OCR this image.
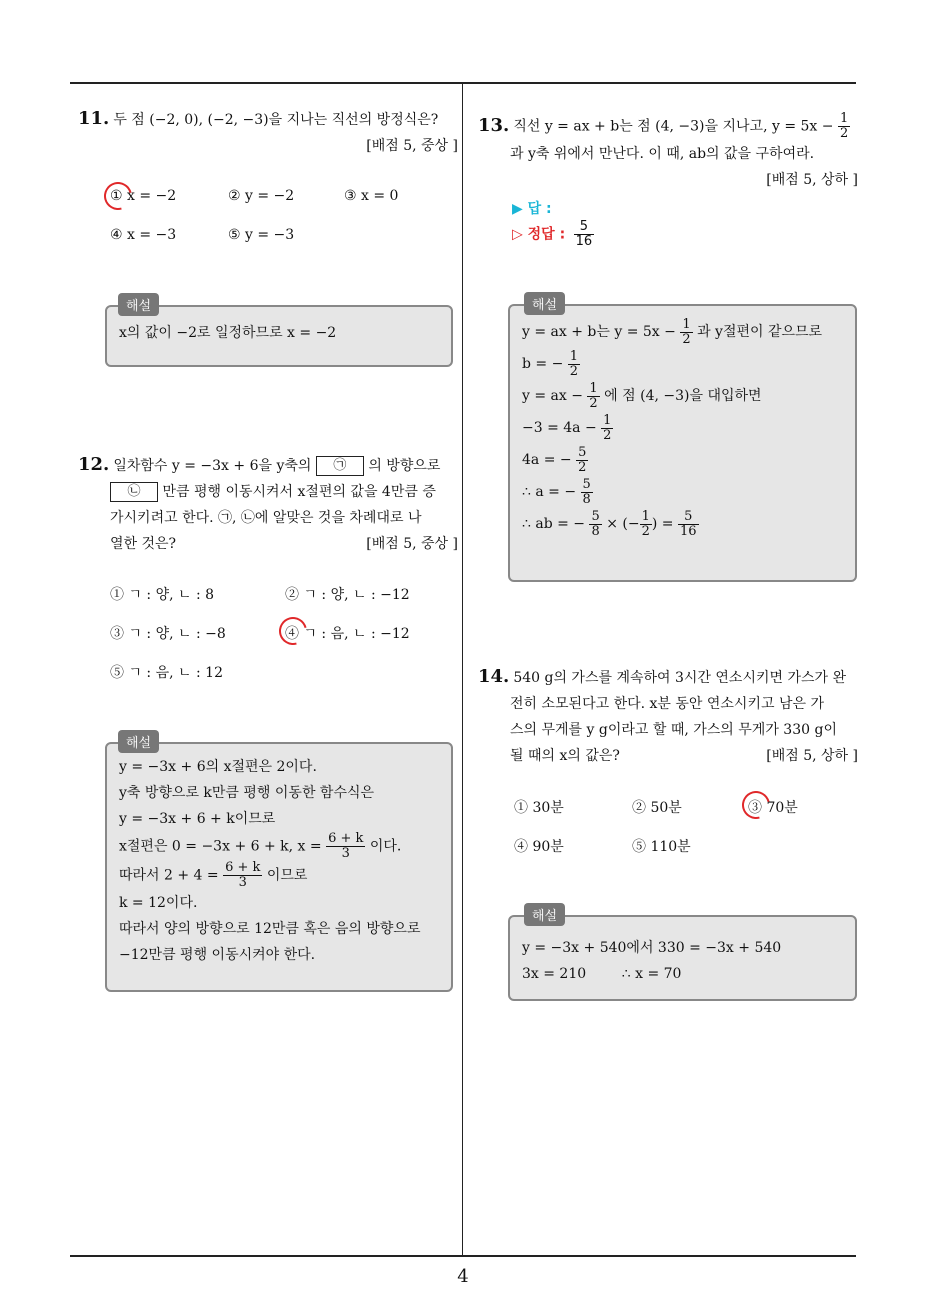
11. 두 점 (−2, 0), (−2, −3)을 지나는 직선의 방정식은?
[배점 5, 중상 ]
① x = −2	② y = −2	③ x = 0
④ x = −3	⑤ y = −3
x의 값이 −2로 일정하므로 x = −2
해설
12. 일차함수 y = −3x + 6을 y축의 ㉠ 의 방향으로
㉡ 만큼 평행 이동시켜서 x절편의 값을 4만큼 증
가시키려고 한다. ㉠, ㉡에 알맞은 것을 차례대로 나
열한 것은?	[배점 5, 중상 ]
① ㄱ : 양, ㄴ : 8	② ㄱ : 양, ㄴ : −12
③ ㄱ : 양, ㄴ : −8	④ ㄱ : 음, ㄴ : −12
⑤ ㄱ : 음, ㄴ : 12
y = −3x + 6의 x절편은 2이다.
y축 방향으로 k만큼 평행 이동한 함수식은
y = −3x + 6 + k이므로
x절편은 0 = −3x + 6 + k, $x = \frac{6 + k}{3}$ 이다.
따라서 $2 + 4 = \frac{6 + k}{3}$ 이므로
k = 12이다.
따라서 양의 방향으로 12만큼 혹은 음의 방향으로
−12만큼 평행 이동시켜야 한다.
해설
13. 직선 y = ax + b는 점 (4, −3)을 지나고, $y = 5x - \frac{1}{2}$
과 y축 위에서 만난다. 이 때, ab의 값을 구하여라.
[배점 5, 상하 ]
▶ 답 :
▷ 정답 : $\frac{5}{16}$
y = ax + b는 $y = 5x - \frac{1}{2}$ 과 y절편이 같으므로
b = − $\frac{1}{2}$
y = ax − $\frac{1}{2}$ 에 점 (4, −3)을 대입하면
$-3 = 4a - \frac{1}{2}$
4a = − $\frac{5}{2}$
∴ a = − $\frac{5}{8}$
∴ ab = − $\frac{5}{8}$ × (− $\frac{1}{2}$ ) = $\frac{5}{16}$
해설
14. 540 g의 가스를 계속하여 3시간 연소시키면 가스가 완
전히 소모된다고 한다. x분 동안 연소시키고 남은 가
스의 무게를 y g이라고 할 때, 가스의 무게가 330 g이
될 때의 x의 값은?	[배점 5, 상하 ]
① 30분	② 50분	③ 70분
④ 90분	⑤ 110분
y = −3x + 540에서 330 = −3x + 540
3x = 210        ∴ x = 70
해설
4
